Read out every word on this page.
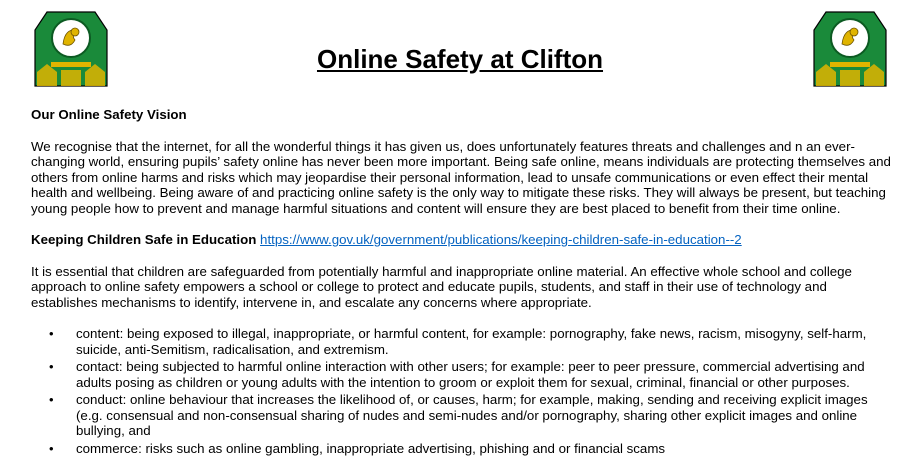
Online Safety at Clifton
Our Online Safety Vision

We recognise that the internet, for all the wonderful things it has given us, does unfortunately features threats and challenges and n an ever-changing world, ensuring pupils’ safety online has never been more important. Being safe online, means individuals are protecting themselves and others from online harms and risks which may jeopardise their personal information, lead to unsafe communications or even effect their mental health and wellbeing. Being aware of and practicing online safety is the only way to mitigate these risks. They will always be present, but teaching young people how to prevent and manage harmful situations and content will ensure they are best placed to benefit from their time online.

Keeping Children Safe in Education https://www.gov.uk/government/publications/keeping-children-safe-in-education--2

It is essential that children are safeguarded from potentially harmful and inappropriate online material. An effective whole school and college approach to online safety empowers a school or college to protect and educate pupils, students, and staff in their use of technology and establishes mechanisms to identify, intervene in, and escalate any concerns where appropriate.

• content: being exposed to illegal, inappropriate, or harmful content, for example: pornography, fake news, racism, misogyny, self-harm, suicide, anti-Semitism, radicalisation, and extremism.
• contact: being subjected to harmful online interaction with other users; for example: peer to peer pressure, commercial advertising and adults posing as children or young adults with the intention to groom or exploit them for sexual, criminal, financial or other purposes.
• conduct: online behaviour that increases the likelihood of, or causes, harm; for example, making, sending and receiving explicit images (e.g. consensual and non-consensual sharing of nudes and semi-nudes and/or pornography, sharing other explicit images and online bullying, and
• commerce: risks such as online gambling, inappropriate advertising, phishing and or financial scams
